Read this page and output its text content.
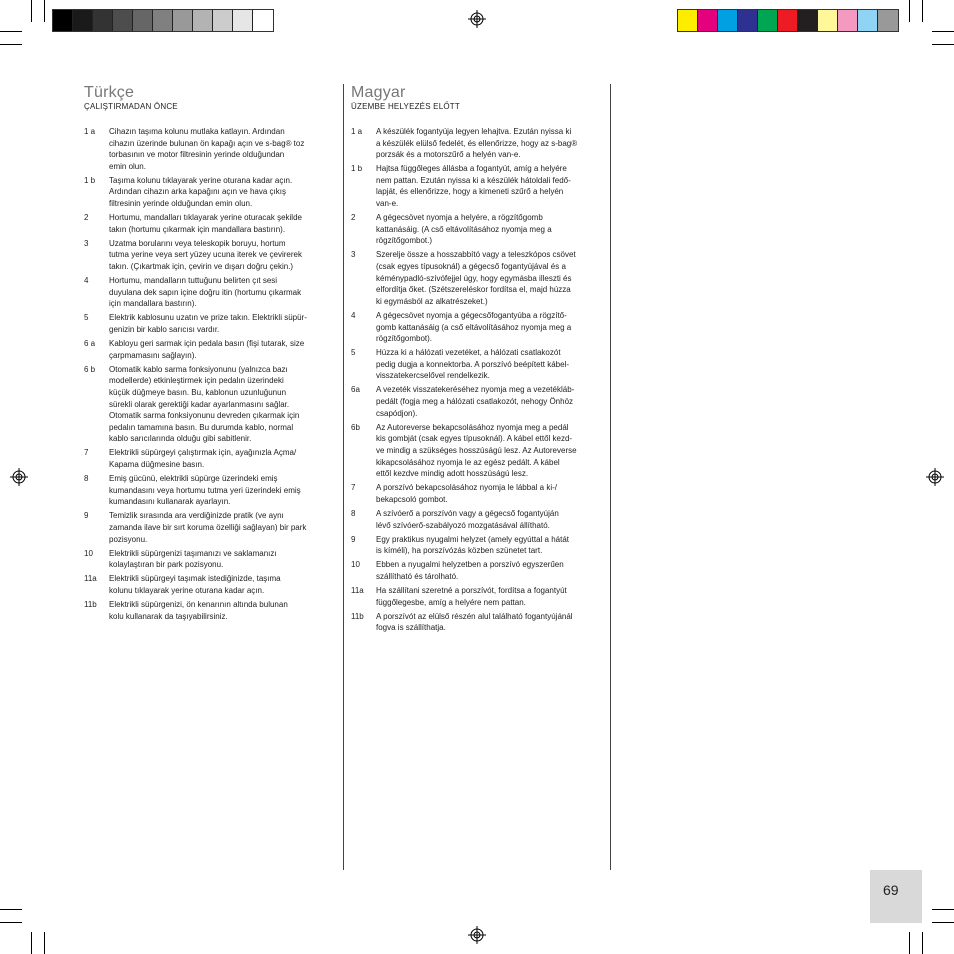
Türkçe
ÇALIŞTIRMADAN ÖNCE
1 a	Cihazın taşıma kolunu mutlaka katlayın. Ardından
cihazın üzerinde bulunan ön kapağı açın ve s-bag® toz
torbasının ve motor filtresinin yerinde olduğundan
emin olun.
1 b	Taşıma kolunu tıklayarak yerine oturana kadar açın.
Ardından cihazın arka kapağını açın ve hava çıkış
filtresinin yerinde olduğundan emin olun.
2	Hortumu, mandalları tıklayarak yerine oturacak şekilde
takın (hortumu çıkarmak için mandallara bastırın).
3	Uzatma borularını veya teleskopik boruyu, hortum
tutma yerine veya sert yüzey ucuna iterek ve çevirerek
takın. (Çıkartmak için, çevirin ve dışarı doğru çekin.)
4	Hortumu, mandalların tuttuğunu belirten çıt sesi
duyulana dek sapın içine doğru itin (hortumu çıkarmak
için mandallara bastırın).
5	Elektrik kablosunu uzatın ve prize takın. Elektrikli süpür-
genizin bir kablo sarıcısı vardır.
6 a	Kabloyu geri sarmak için pedala basın (fişi tutarak, size
çarpmamasını sağlayın).
6 b	Otomatik kablo sarma fonksiyonunu (yalnızca bazı
modellerde) etkinleştirmek için pedalın üzerindeki
küçük düğmeye basın. Bu, kablonun uzunluğunun
sürekli olarak gerektiği kadar ayarlanmasını sağlar.
Otomatik sarma fonksiyonunu devreden çıkarmak için
pedalın tamamına basın. Bu durumda kablo, normal
kablo sarıcılarında olduğu gibi sabitlenir.
7	Elektrikli süpürgeyi çalıştırmak için, ayağınızla Açma/
Kapama düğmesine basın.
8	Emiş gücünü, elektrikli süpürge üzerindeki emiş
kumandasını veya hortumu tutma yeri üzerindeki emiş
kumandasını kullanarak ayarlayın.
9	Temizlik sırasında ara verdiğinizde pratik (ve aynı
zamanda ilave bir sırt koruma özelliği sağlayan) bir park
pozisyonu.
10	Elektrikli süpürgenizi taşımanızı ve saklamanızı
kolaylaştıran bir park pozisyonu.
11a	Elektrikli süpürgeyi taşımak istediğinizde, taşıma
kolunu tıklayarak yerine oturana kadar açın.
11b	Elektrikli süpürgenizi, ön kenarının altında bulunan
kolu kullanarak da taşıyabilirsiniz.
Magyar
ÜZEMBE HELYEZÉS ELŐTT
1 a	A készülék fogantyúja legyen lehajtva. Ezután nyissa ki
a készülék elülső fedelét, és ellenőrizze, hogy az s-bag®
porzsák és a motorszűrő a helyén van-e.
1 b	Hajtsa függőleges állásba a fogantyút, amíg a helyére
nem pattan. Ezután nyissa ki a készülék hátoldali fedő-
lapját, és ellenőrizze, hogy a kimeneti szűrő a helyén
van-e.
2	A gégecsövet nyomja a helyére, a rögzítőgomb
kattanásáig. (A cső eltávolításához nyomja meg a
rögzítőgombot.)
3	Szerelje össze a hosszabbító vagy a teleszkópos csövet
(csak egyes típusoknál) a gégecső fogantyújával és a
kéménypadló-szívófejjel úgy, hogy egymásba illeszti és
elfordítja őket. (Szétszereléskor fordítsa el, majd húzza
ki egymásból az alkatrészeket.)
4	A gégecsövet nyomja a gégecsőfogantyúba a rögzítő-
gomb kattanásáig (a cső eltávolításához nyomja meg a
rögzítőgombot).
5	Húzza ki a hálózati vezetéket, a hálózati csatlakozót
pedig dugja a konnektorba. A porszívó beépített kábel-
visszatekercselővel rendelkezik.
6a	A vezeték visszatekeréséhez nyomja meg a vezetékláb-
pedált (fogja meg a hálózati csatlakozót, nehogy Önhöz
csapódjon).
6b	Az Autoreverse bekapcsolásához nyomja meg a pedál
kis gombját (csak egyes típusoknál). A kábel ettől kezd-
ve mindig a szükséges hosszúságú lesz. Az Autoreverse
kikapcsolásához nyomja le az egész pedált. A kábel
ettől kezdve mindig adott hosszúságú lesz.
7	A porszívó bekapcsolásához nyomja le lábbal a ki-/
bekapcsoló gombot.
8	A szívóerő a porszívón vagy a gégecső fogantyúján
lévő szívóerő-szabályozó mozgatásával állítható.
9	Egy praktikus nyugalmi helyzet (amely egyúttal a hátát
is kíméli), ha porszívózás közben szünetet tart.
10	Ebben a nyugalmi helyzetben a porszívó egyszerűen
szállítható és tárolható.
11a	Ha szállítani szeretné a porszívót, fordítsa a fogantyút
függőlegesbe, amíg a helyére nem pattan.
11b	A porszívót az elülső részén alul található fogantyújánál
fogva is szállíthatja.
69
